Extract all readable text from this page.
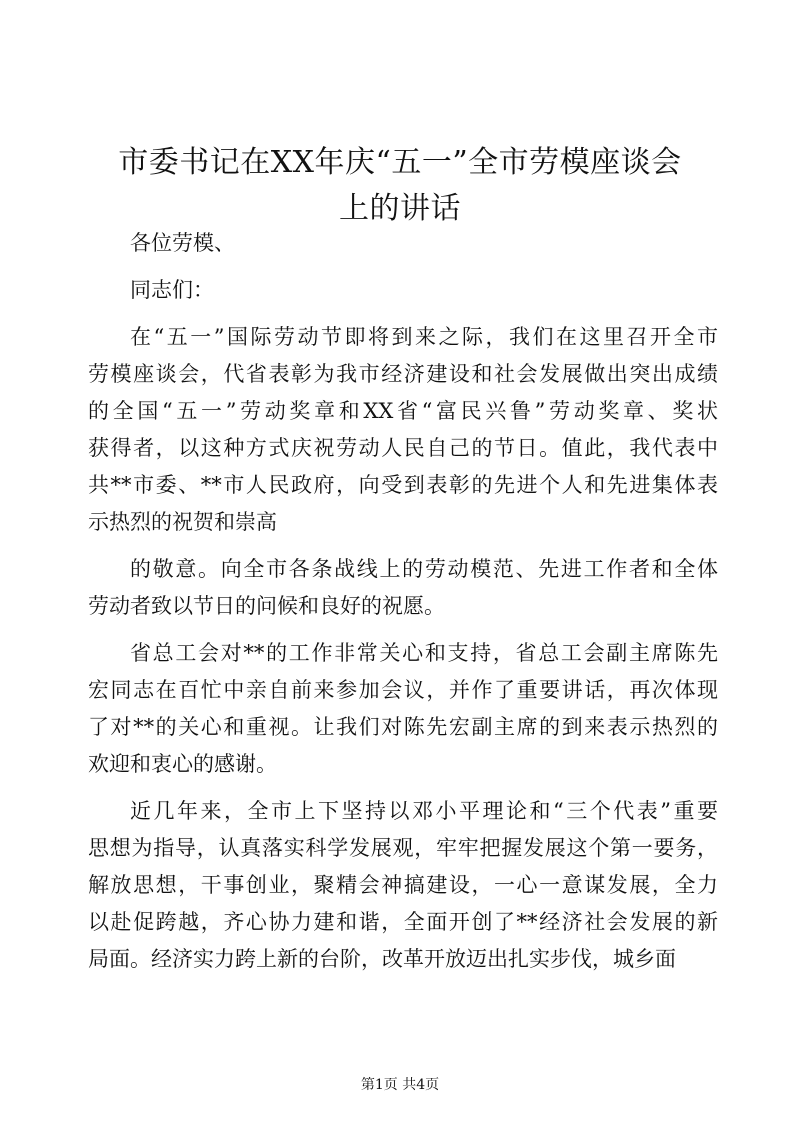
市委书记在XX年庆“五一”全市劳模座谈会
上的讲话
各位劳模、
同志们：
在“五一”国际劳动节即将到来之际，我们在这里召开全市
劳模座谈会，代省表彰为我市经济建设和社会发展做出突出成绩
的全国“五一”劳动奖章和XX省“富民兴鲁”劳动奖章、奖状
获得者，以这种方式庆祝劳动人民自己的节日。值此，我代表中
共**市委、**市人民政府，向受到表彰的先进个人和先进集体表
示热烈的祝贺和崇高
的敬意。向全市各条战线上的劳动模范、先进工作者和全体
劳动者致以节日的问候和良好的祝愿。
省总工会对**的工作非常关心和支持，省总工会副主席陈先
宏同志在百忙中亲自前来参加会议，并作了重要讲话，再次体现
了对**的关心和重视。让我们对陈先宏副主席的到来表示热烈的
欢迎和衷心的感谢。
近几年来，全市上下坚持以邓小平理论和“三个代表”重要
思想为指导，认真落实科学发展观，牢牢把握发展这个第一要务，
解放思想，干事创业，聚精会神搞建设，一心一意谋发展，全力
以赴促跨越，齐心协力建和谐，全面开创了**经济社会发展的新
局面。经济实力跨上新的台阶，改革开放迈出扎实步伐，城乡面
第1页 共4页
